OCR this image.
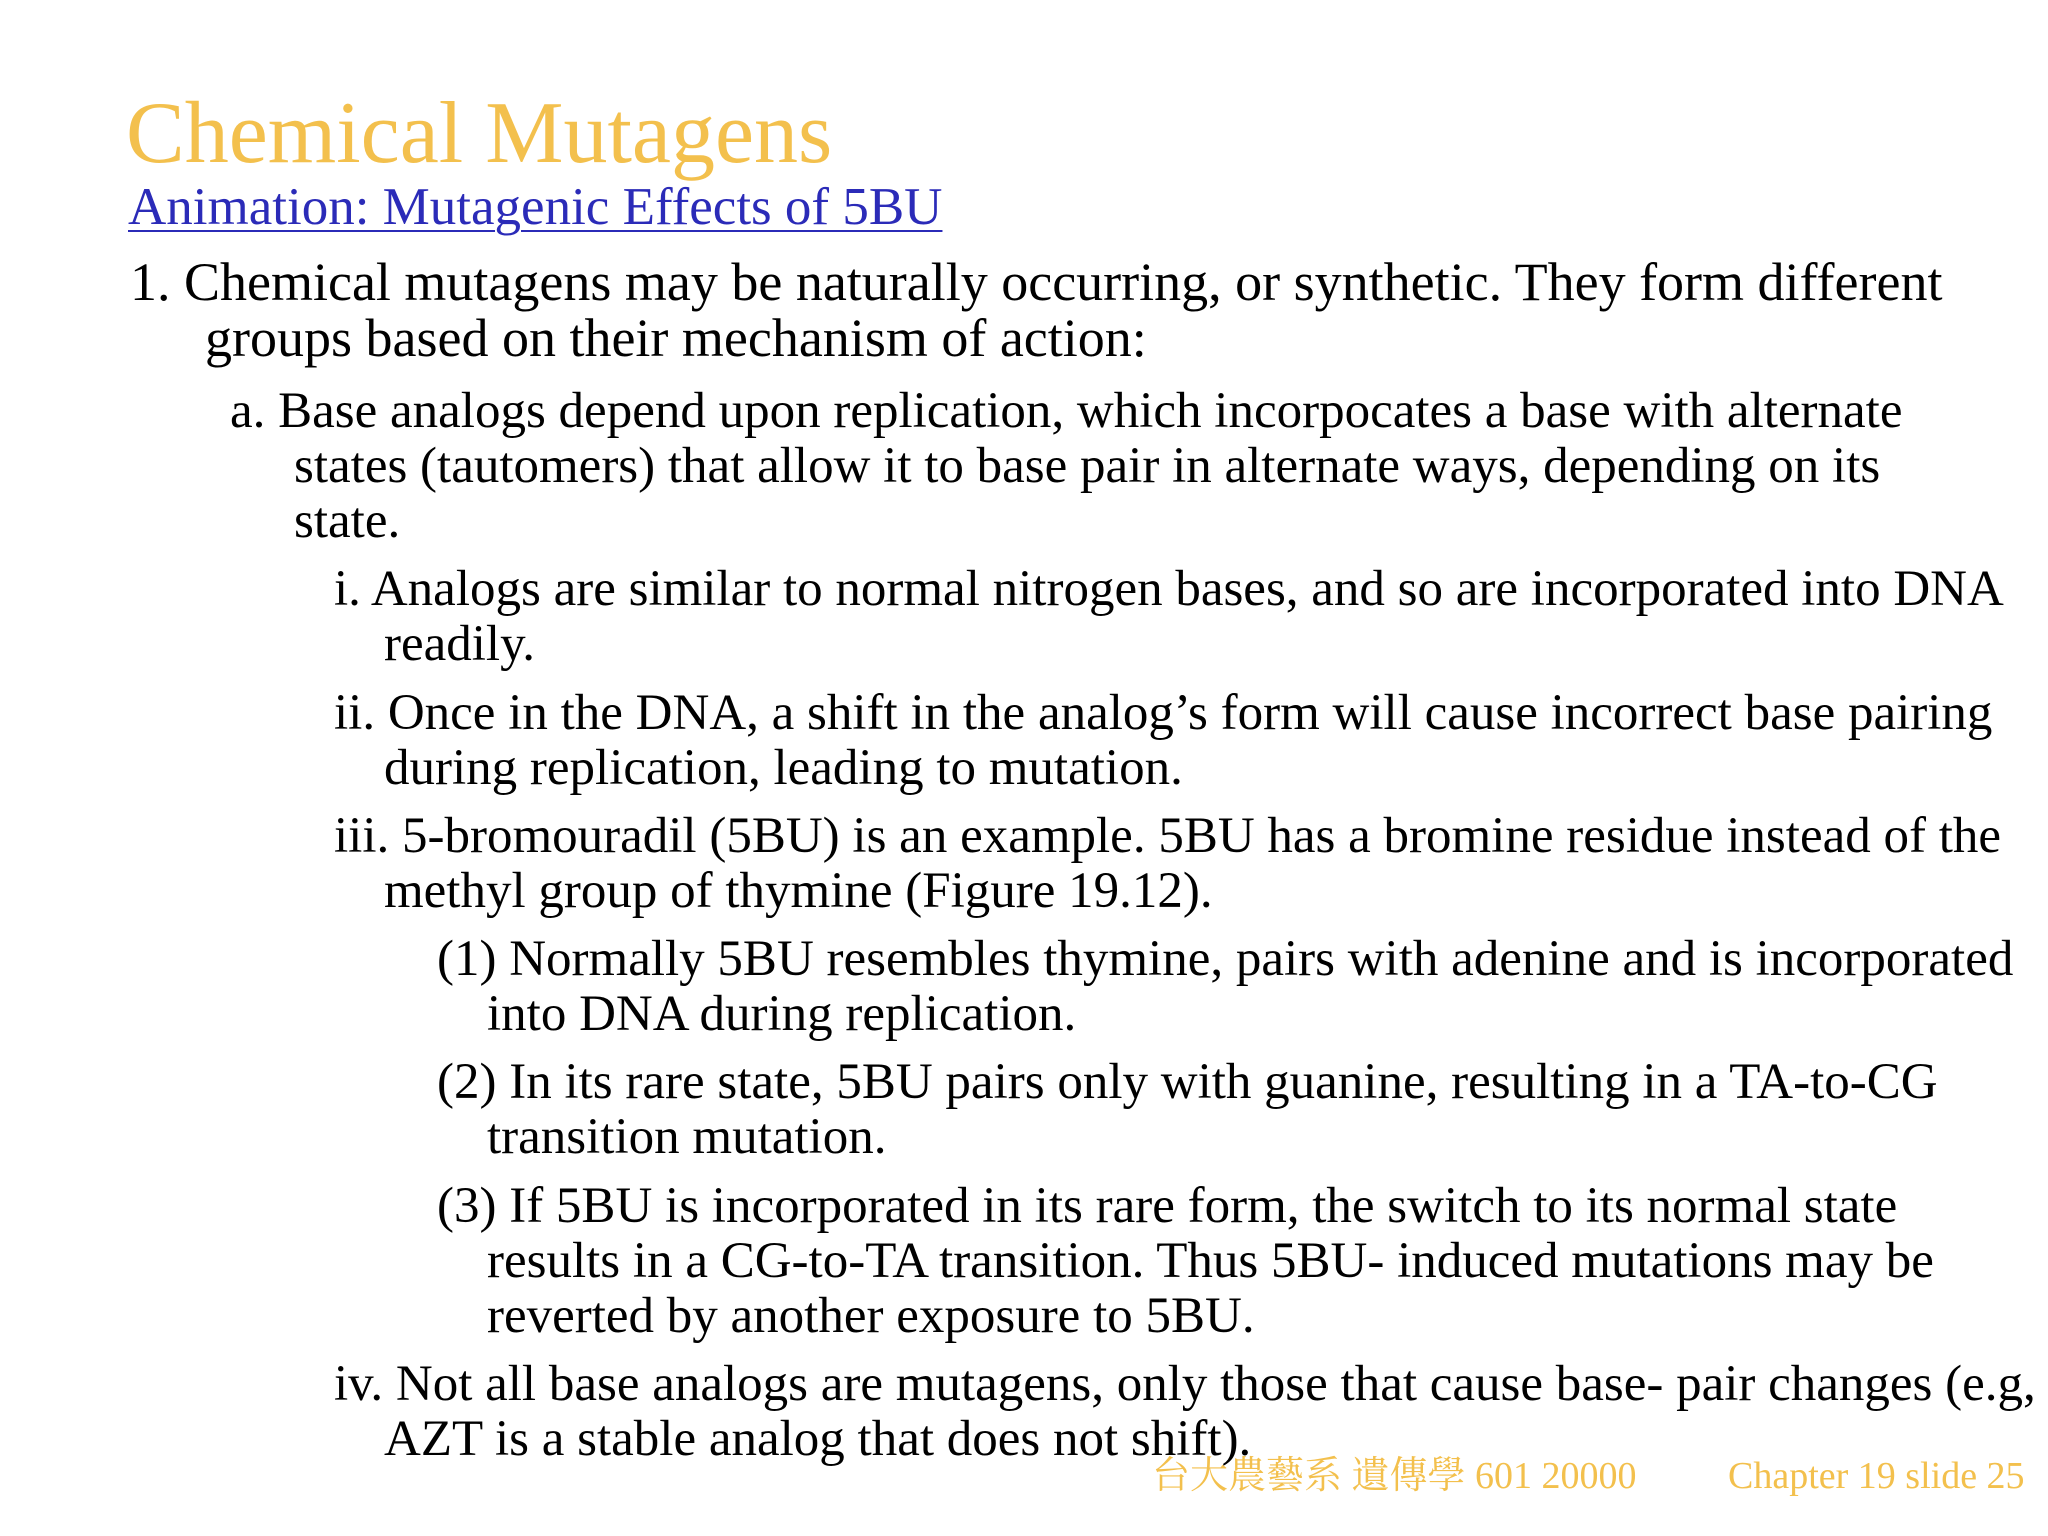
Chemical Mutagens
Animation: Mutagenic Effects of 5BU

1. Chemical mutagens may be naturally occurring, or synthetic. They form different groups based on their mechanism of action:

a. Base analogs depend upon replication, which incorpocates a base with alternate states (tautomers) that allow it to base pair in alternate ways, depending on its state.

i. Analogs are similar to normal nitrogen bases, and so are incorporated into DNA readily.

ii. Once in the DNA, a shift in the analog’s form will cause incorrect base pairing during replication, leading to mutation.

iii. 5-bromouradil (5BU) is an example. 5BU has a bromine residue instead of the methyl group of thymine (Figure 19.12).

(1) Normally 5BU resembles thymine, pairs with adenine and is incorporated into DNA during replication.

(2) In its rare state, 5BU pairs only with guanine, resulting in a TA-to-CG transition mutation.

(3) If 5BU is incorporated in its rare form, the switch to its normal state results in a CG-to-TA transition. Thus 5BU- induced mutations may be reverted by another exposure to 5BU.

iv. Not all base analogs are mutagens, only those that cause base- pair changes (e.g, AZT is a stable analog that does not shift).

台大農藝系 遺傳學 601 20000 Chapter 19 slide 25
